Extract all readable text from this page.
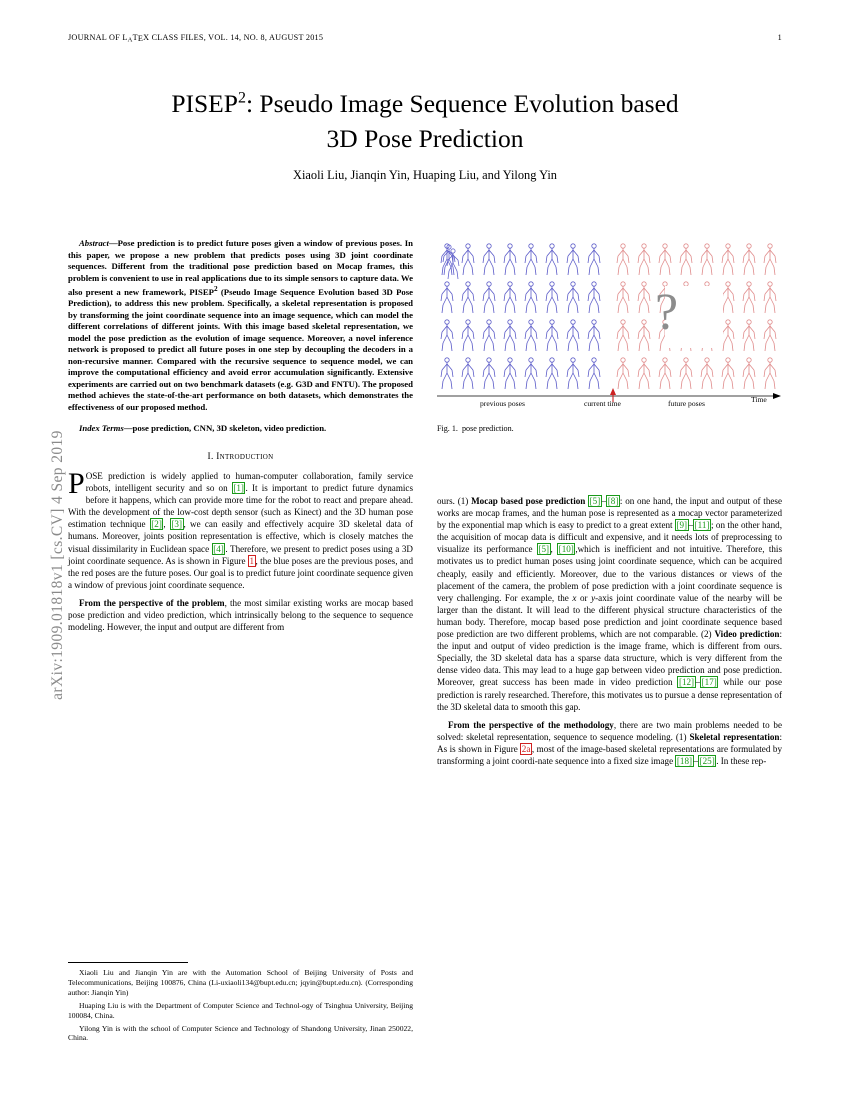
arXiv:1909.01818v1 [cs.CV] 4 Sep 2019
JOURNAL OF $L_ATEX$ CLASS FILES, VOL. 14, NO. 8, AUGUST 2015	1
PISEP$^2$: Pseudo Image Sequence Evolution based
3D Pose Prediction
Xiaoli Liu, Jianqin Yin, Huaping Liu, and Yilong Yin
Abstract—Pose prediction is to predict future poses given a window of previous poses. In this paper, we propose a new problem that predicts poses using 3D joint coordinate sequences. Different from the traditional pose prediction based on Mocap frames, this problem is convenient to use in real applications due to its simple sensors to capture data. We also present a new framework, PISEP$^2$ (Pseudo Image Sequence Evolution based 3D Pose Prediction), to address this new problem. Specifically, a skeletal representation is proposed by transforming the joint coordinate sequence into an image sequence, which can model the different correlations of different joints. With this image based skeletal representation, we model the pose prediction as the evolution of image sequence. Moreover, a novel inference network is proposed to predict all future poses in one step by decoupling the decoders in a non-recursive manner. Compared with the recursive sequence to sequence model, we can improve the computational efficiency and avoid error accumulation significantly. Extensive experiments are carried out on two benchmark datasets (e.g. G3D and FNTU). The proposed method achieves the state-of-the-art performance on both datasets, which demonstrates the effectiveness of our proposed method.
Index Terms—pose prediction, CNN, 3D skeleton, video prediction.
I. Introduction

POSE prediction is widely applied to human-computer collaboration, family service robots, intelligent security and so on [1] . It is important to predict future dynamics before it happens, which can provide more time for the robot to react and prepare ahead. With the development of the low-cost depth sensor (such as Kinect) and the 3D human pose estimation technique [2] , [3] , we can easily and effectively acquire 3D skeletal data of humans. Moreover, joints position representation is effective, which is closely matches the visual dissimilarity in Euclidean space [4] . Therefore, we present to predict poses using a 3D joint coordinate sequence. As is shown in Figure 1 , the blue poses are the previous poses, and the red poses are the future poses. Our goal is to predict future joint coordinate sequence given a window of previous joint coordinate sequence.

From the perspective of the problem, the most similar existing works are mocap based pose prediction and video prediction, which intrinsically belong to the sequence to sequence modeling. However, the input and output are different from

?
previous poses	current time	future poses	Time
Fig. 1. pose prediction.

ours. (1) Mocap based pose prediction [5] – [8] : on one hand, the input and output of these works are mocap frames, and the human pose is represented as a mocap vector parameterized by the exponential map which is easy to predict to a great extent [9] – [11] ; on the other hand, the acquisition of mocap data is difficult and expensive, and it needs lots of preprocessing to visualize its performance [5] , [10] ,which is inefficient and not intuitive. Therefore, this motivates us to predict human poses using joint coordinate sequence, which can be acquired cheaply, easily and efficiently. Moreover, due to the various distances or views of the placement of the camera, the problem of pose prediction with a joint coordinate sequence is very challenging. For example, the x or y-axis joint coordinate value of the nearby will be larger than the distant. It will lead to the different physical structure characteristics of the human body. Therefore, mocap based pose prediction and joint coordinate sequence based pose prediction are two different problems, which are not comparable. (2) Video prediction: the input and output of video prediction is the image frame, which is different from ours. Specially, the 3D skeletal data has a sparse data structure, which is very different from the dense video data. This may lead to a huge gap between video prediction and pose prediction. Moreover, great success has been made in video prediction [12] – [17] while our pose prediction is rarely researched. Therefore, this motivates us to pursue a dense representation of the 3D skeletal data to smooth this gap.

From the perspective of the methodology, there are two main problems needed to be solved: skeletal representation, sequence to sequence modeling. (1) Skeletal representation: As is shown in Figure 2a , most of the image-based skeletal representations are formulated by transforming a joint coordi-nate sequence into a fixed size image [18] – [25] . In these rep-

Xiaoli Liu and Jianqin Yin are with the Automation School of Beijing University of Posts and Telecommunications, Beijing 100876, China (Li-uxiaoli134@bupt.edu.cn; jqyin@bupt.edu.cn). (Corresponding author: Jianqin Yin)

Huaping Liu is with the Department of Computer Science and Technol-ogy of Tsinghua University, Beijing 100084, China.

Yilong Yin is with the school of Computer Science and Technology of Shandong University, Jinan 250022, China.
